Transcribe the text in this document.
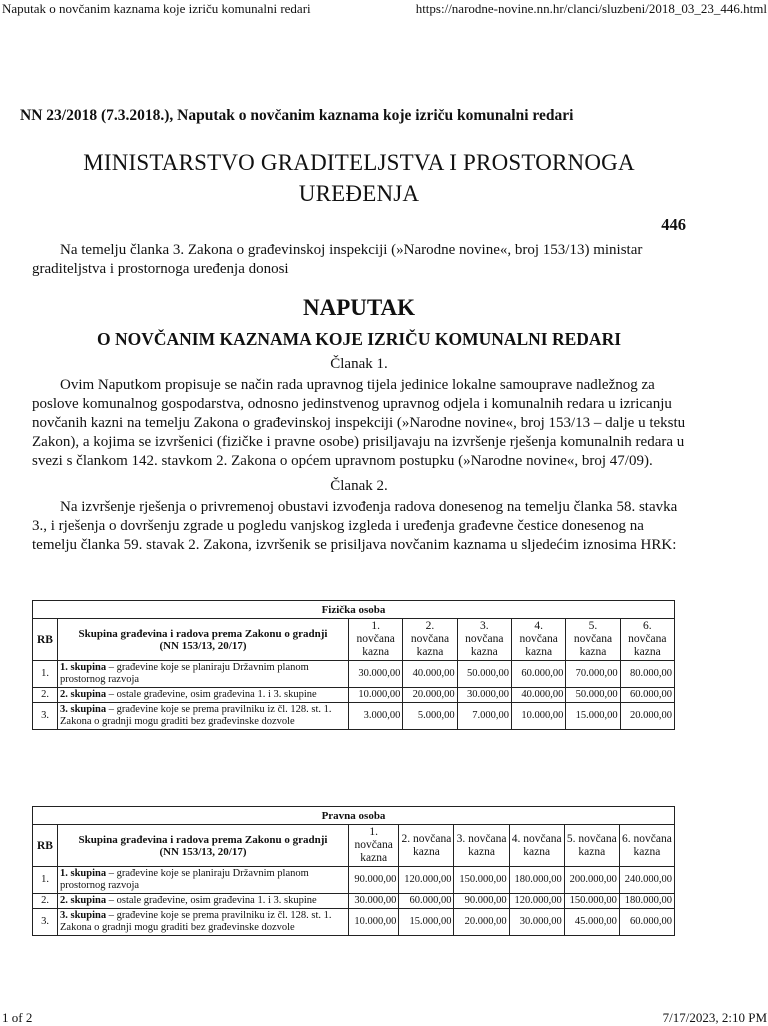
Naputak o novčanim kaznama koje izriču komunalni redari	https://narodne-novine.nn.hr/clanci/sluzbeni/2018_03_23_446.html
NN 23/2018 (7.3.2018.), Naputak o novčanim kaznama koje izriču komunalni redari
MINISTARSTVO GRADITELJSTVA I PROSTORNOGA UREĐENJA
446

Na temelju članka 3. Zakona o građevinskoj inspekciji (»Narodne novine«, broj 153/13) ministar graditeljstva i prostornoga uređenja donosi

NAPUTAK
O NOVČANIM KAZNAMA KOJE IZRIČU KOMUNALNI REDARI
Članak 1.

Ovim Naputkom propisuje se način rada upravnog tijela jedinice lokalne samouprave nadležnog za poslove komunalnog gospodarstva, odnosno jedinstvenog upravnog odjela i komunalnih redara u izricanju novčanih kazni na temelju Zakona o građevinskoj inspekciji (»Narodne novine«, broj 153/13 – dalje u tekstu Zakon), a kojima se izvršenici (fizičke i pravne osobe) prisiljavaju na izvršenje rješenja komunalnih redara u svezi s člankom 142. stavkom 2. Zakona o općem upravnom postupku (»Narodne novine«, broj 47/09).

Članak 2.

Na izvršenje rješenja o privremenoj obustavi izvođenja radova donesenog na temelju članka 58. stavka 3., i rješenja o dovršenju zgrade u pogledu vanjskog izgleda i uređenja građevne čestice donesenog na temelju članka 59. stavak 2. Zakona, izvršenik se prisiljava novčanim kaznama u sljedećim iznosima HRK:

Fizička osoba							
RB	Skupina građevina i radova prema Zakonu o gradnji
(NN 153/13, 20/17)	1. novčana kazna	2. novčana kazna	3. novčana kazna	4. novčana kazna	5. novčana kazna	6. novčana kazna
1.	1. skupina – građevine koje se planiraju Državnim planom prostornog razvoja	30.000,00	40.000,00	50.000,00	60.000,00	70.000,00	80.000,00
2.	2. skupina – ostale građevine, osim građevina 1. i 3. skupine	10.000,00	20.000,00	30.000,00	40.000,00	50.000,00	60.000,00
3.	3. skupina – građevine koje se prema pravilniku iz čl. 128. st. 1. Zakona o gradnji mogu graditi bez građevinske dozvole	3.000,00	5.000,00	7.000,00	10.000,00	15.000,00	20.000,00
Pravna osoba							
RB	Skupina građevina i radova prema Zakonu o gradnji
(NN 153/13, 20/17)	1. novčana kazna	2. novčana kazna	3. novčana kazna	4. novčana kazna	5. novčana kazna	6. novčana kazna
1.	1. skupina – građevine koje se planiraju Državnim planom prostornog razvoja	90.000,00	120.000,00	150.000,00	180.000,00	200.000,00	240.000,00
2.	2. skupina – ostale građevine, osim građevina 1. i 3. skupine	30.000,00	60.000,00	90.000,00	120.000,00	150.000,00	180.000,00
3.	3. skupina – građevine koje se prema pravilniku iz čl. 128. st. 1. Zakona o gradnji mogu graditi bez građevinske dozvole	10.000,00	15.000,00	20.000,00	30.000,00	45.000,00	60.000,00
1 of 2	7/17/2023, 2:10 PM
